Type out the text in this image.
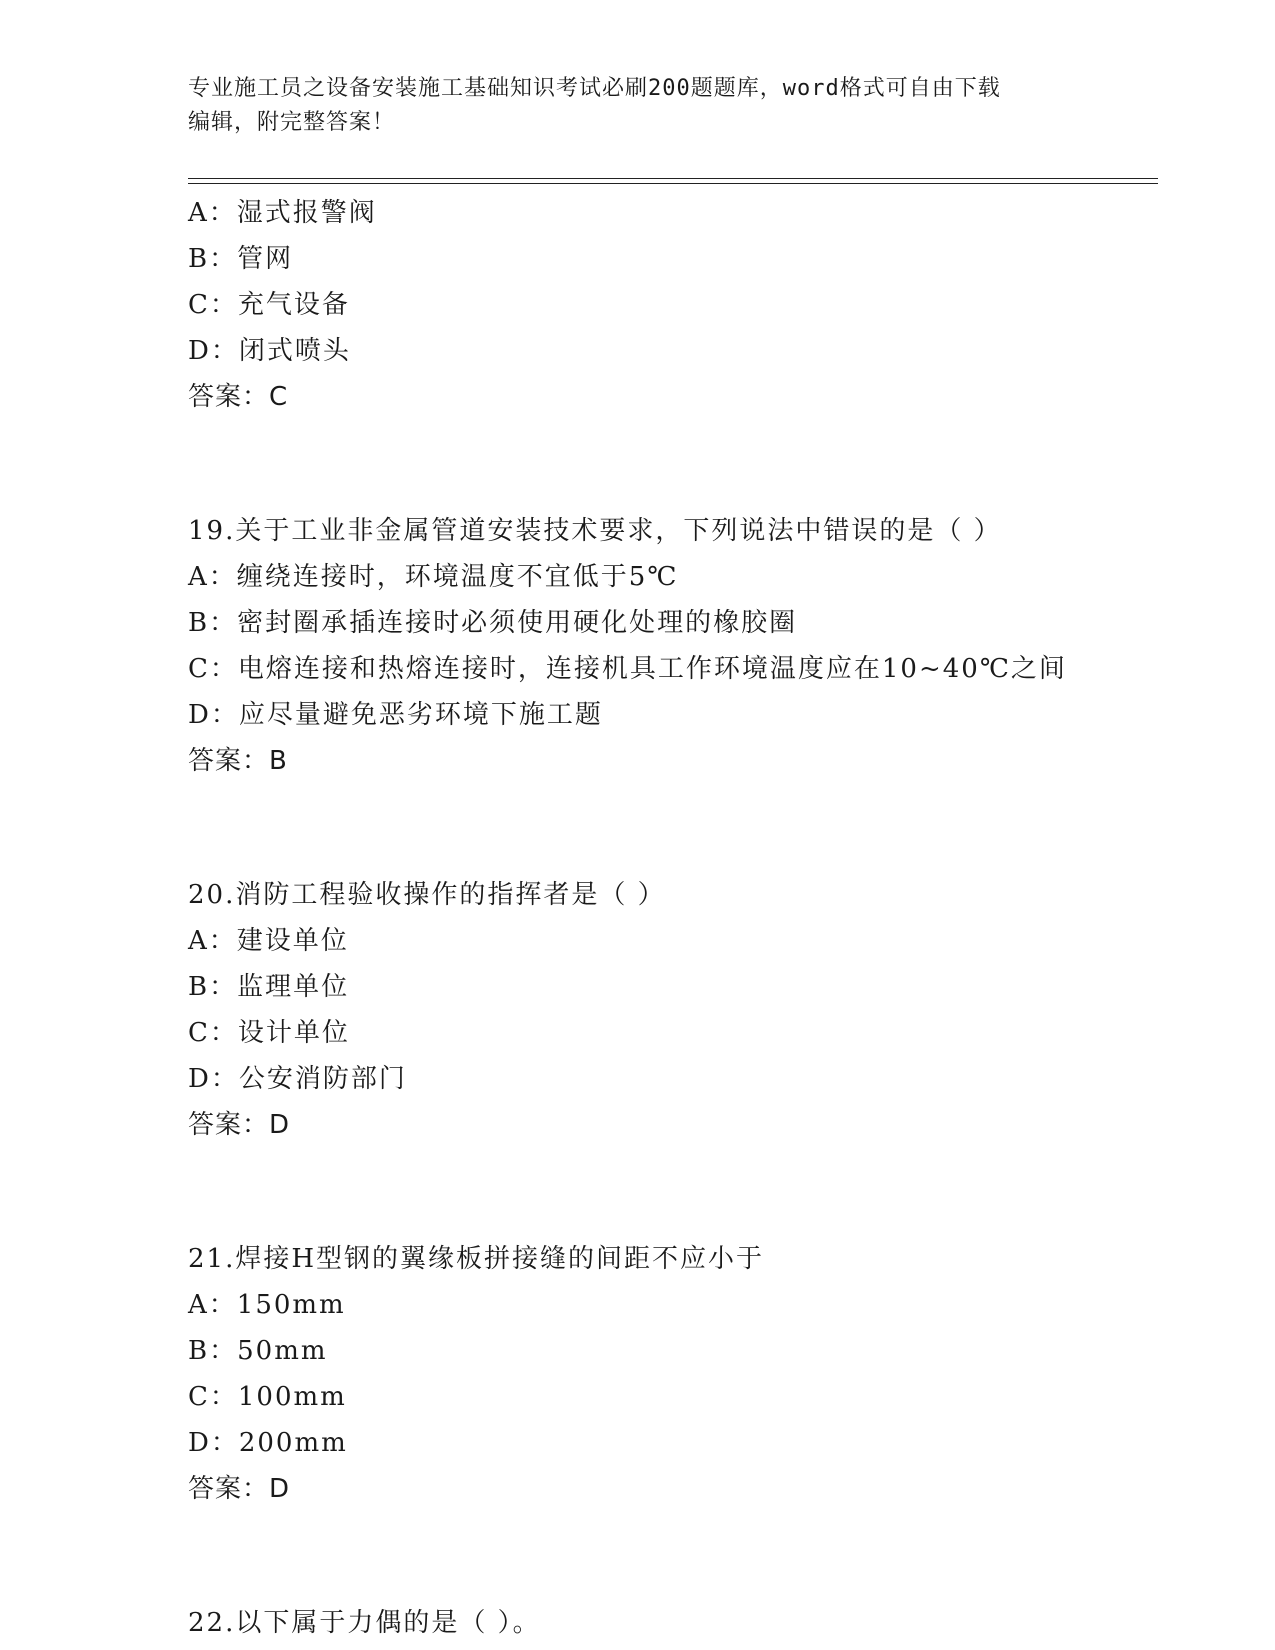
专业施工员之设备安装施工基础知识考试必刷200题题库，word格式可自由下载
编辑，附完整答案！
A：湿式报警阀
B：管网
C：充气设备
D：闭式喷头
答案：C
19.关于工业非金属管道安装技术要求，下列说法中错误的是（ ）
A：缠绕连接时，环境温度不宜低于5℃
B：密封圈承插连接时必须使用硬化处理的橡胶圈
C：电熔连接和热熔连接时，连接机具工作环境温度应在10~40℃之间
D：应尽量避免恶劣环境下施工题
答案：B
20.消防工程验收操作的指挥者是（ ）
A：建设单位
B：监理单位
C：设计单位
D：公安消防部门
答案：D
21.焊接H型钢的翼缘板拼接缝的间距不应小于
A：150mm
B：50mm
C：100mm
D：200mm
答案：D
22.以下属于力偶的是（ ）。
